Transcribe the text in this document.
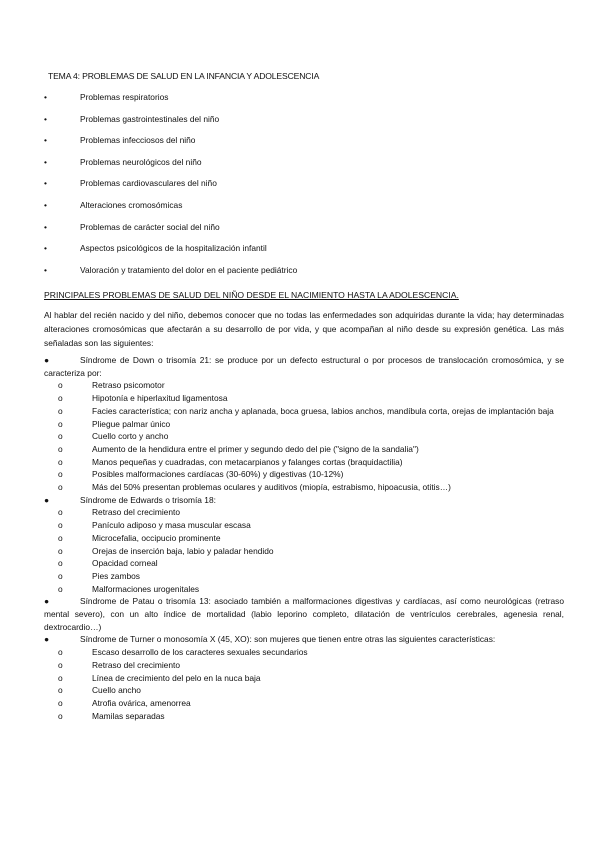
TEMA 4: PROBLEMAS DE SALUD EN LA INFANCIA Y ADOLESCENCIA
•	Problemas respiratorios
•	Problemas gastrointestinales del niño
•	Problemas infecciosos del niño
•	Problemas neurológicos del niño
•	Problemas cardiovasculares del niño
•	Alteraciones cromosómicas
•	Problemas de carácter social del niño
•	Aspectos psicológicos de la hospitalización infantil
•	Valoración y tratamiento del dolor en el paciente pediátrico
PRINCIPALES PROBLEMAS DE SALUD DEL NIÑO DESDE EL NACIMIENTO HASTA LA ADOLESCENCIA.

Al hablar del recién nacido y del niño, debemos conocer que no todas las enfermedades son adquiridas durante la vida; hay determinadas alteraciones cromosómicas que afectarán a su desarrollo de por vida, y que acompañan al niño desde su expresión genética. Las más señaladas son las siguientes:

●	Síndrome de Down o trisomía 21: se produce por un defecto estructural o por procesos de translocación cromosómica, y se caracteriza por:

o	Retraso psicomotor
o	Hipotonía e hiperlaxitud ligamentosa
o	Facies característica; con nariz ancha y aplanada, boca gruesa, labios anchos, mandíbula corta, orejas de implantación baja
o	Pliegue palmar único
o	Cuello corto y ancho
o	Aumento de la hendidura entre el primer y segundo dedo del pie ("signo de la sandalia")
o	Manos pequeñas y cuadradas, con metacarpianos y falanges cortas (braquidactilia)
o	Posibles malformaciones cardíacas (30-60%) y digestivas (10-12%)
o	Más del 50% presentan problemas oculares y auditivos (miopía, estrabismo, hipoacusia, otitis…)

●	Síndrome de Edwards o trisomía 18:

o	Retraso del crecimiento
o	Panículo adiposo y masa muscular escasa
o	Microcefalia, occipucio prominente
o	Orejas de inserción baja, labio y paladar hendido
o	Opacidad corneal
o	Pies zambos
o	Malformaciones urogenitales

●	Síndrome de Patau o trisomía 13: asociado también a malformaciones digestivas y cardíacas, así como neurológicas (retraso mental severo), con un alto índice de mortalidad (labio leporino completo, dilatación de ventrículos cerebrales, agenesia renal, dextrocardio…)

●	Síndrome de Turner o monosomía X (45, XO): son mujeres que tienen entre otras las siguientes características:

o	Escaso desarrollo de los caracteres sexuales secundarios
o	Retraso del crecimiento
o	Línea de crecimiento del pelo en la nuca baja
o	Cuello ancho
o	Atrofia ovárica, amenorrea
o	Mamilas separadas
